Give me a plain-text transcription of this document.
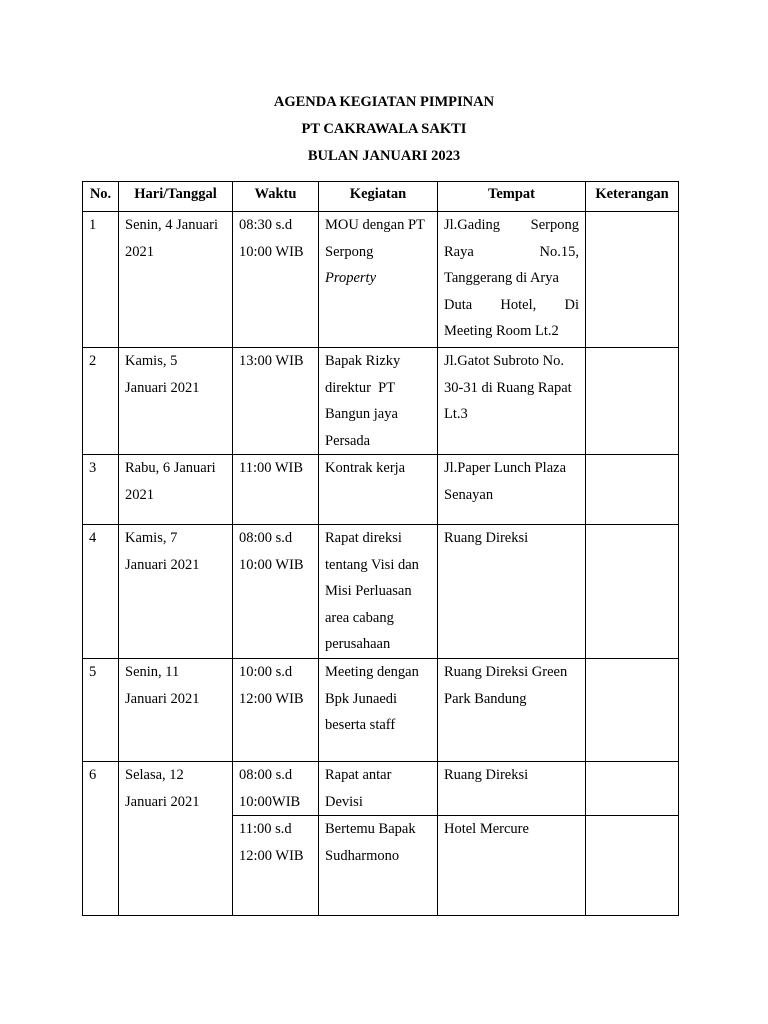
AGENDA KEGIATAN PIMPINAN
PT CAKRAWALA SAKTI
BULAN JANUARI 2023
No.	Hari/Tanggal	Waktu	Kegiatan	Tempat	Keterangan
1	Senin, 4 Januari
2021	08:30 s.d
10:00 WIB	MOU dengan PT
Serpong
Property	Jl.Gading Serpong
Raya No.15,
Tanggerang di Arya
Duta Hotel, Di
Meeting Room Lt.2	

2	Kamis, 5
Januari 2021	13:00 WIB	Bapak Rizky
direktur  PT
Bangun jaya
Persada	Jl.Gatot Subroto No.
30-31 di Ruang Rapat
Lt.3	

3	Rabu, 6 Januari
2021	11:00 WIB	Kontrak kerja	Jl.Paper Lunch Plaza
Senayan	

4	Kamis, 7
Januari 2021	08:00 s.d
10:00 WIB	Rapat direksi
tentang Visi dan
Misi Perluasan
area cabang
perusahaan	Ruang Direksi	

5	Senin, 11
Januari 2021	10:00 s.d
12:00 WIB	Meeting dengan
Bpk Junaedi
beserta staff	Ruang Direksi Green
Park Bandung	

6	Selasa, 12
Januari 2021	08:00 s.d
10:00WIB	Rapat antar
Devisi	Ruang Direksi	

		11:00 s.d
12:00 WIB	Bertemu Bapak
Sudharmono	Hotel Mercure	
